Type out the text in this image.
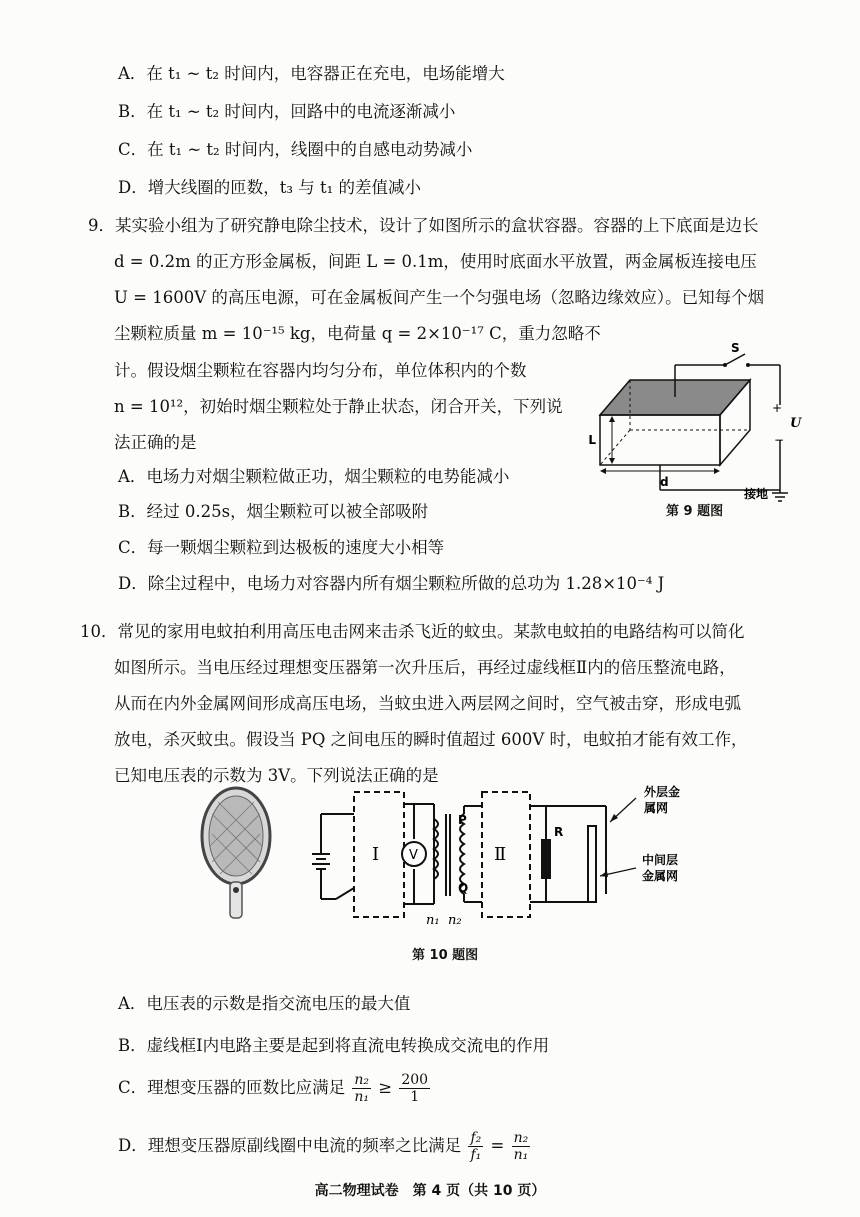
A．在 t₁ ~ t₂ 时间内，电容器正在充电，电场能增大
B．在 t₁ ~ t₂ 时间内，回路中的电流逐渐减小
C．在 t₁ ~ t₂ 时间内，线圈中的自感电动势减小
D．增大线圈的匝数，t₃ 与 t₁ 的差值减小
9．某实验小组为了研究静电除尘技术，设计了如图所示的盒状容器。容器的上下底面是边长
d = 0.2m 的正方形金属板，间距 L = 0.1m，使用时底面水平放置，两金属板连接电压
U = 1600V 的高压电源，可在金属板间产生一个匀强电场（忽略边缘效应）。已知每个烟
尘颗粒质量 m = 10⁻¹⁵ kg，电荷量 q = 2×10⁻¹⁷ C，重力忽略不
计。假设烟尘颗粒在容器内均匀分布，单位体积内的个数
n = 10¹²，初始时烟尘颗粒处于静止状态，闭合开关，下列说
法正确的是
A．电场力对烟尘颗粒做正功，烟尘颗粒的电势能减小
B．经过 0.25s，烟尘颗粒可以被全部吸附
C．每一颗烟尘颗粒到达极板的速度大小相等
D．除尘过程中，电场力对容器内所有烟尘颗粒所做的总功为 1.28×10⁻⁴ J
S
+
U
−
L
d
接地
第 9 题图
10．常见的家用电蚊拍利用高压电击网来击杀飞近的蚊虫。某款电蚊拍的电路结构可以简化
如图所示。当电压经过理想变压器第一次升压后，再经过虚线框Ⅱ内的倍压整流电路，
从而在内外金属网间形成高压电场，当蚊虫进入两层网之间时，空气被击穿，形成电弧
放电，杀灭蚊虫。假设当 PQ 之间电压的瞬时值超过 600V 时，电蚊拍才能有效工作，
已知电压表的示数为 3V。下列说法正确的是
Ⅰ V
P
Q
n₁ n₂
Ⅱ
R
外层金
属网
中间层
金属网
第 10 题图
A．电压表的示数是指交流电压的最大值
B．虚线框Ⅰ内电路主要是起到将直流电转换成交流电的作用
C．理想变压器的匝数比应满足 $\frac{\text{n₂}}{\text{n₁}} \ge \frac{200}{1}$
D．理想变压器原副线圈中电流的频率之比满足 $\frac{\text{f₂}}{\text{f₁}} = \frac{\text{n₂}}{\text{n₁}}$
高二物理试卷　第 4 页（共 10 页）
